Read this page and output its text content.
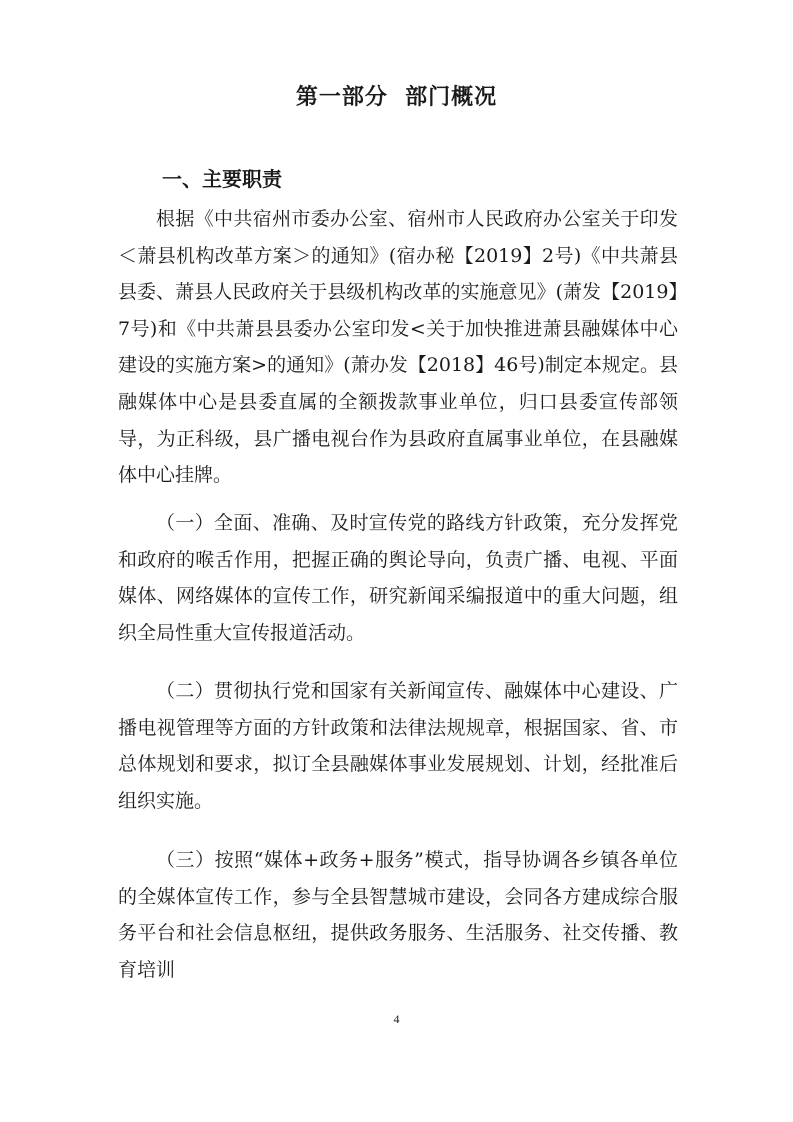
第一部分  部门概况
一、主要职责

根据《中共宿州市委办公室、宿州市人民政府办公室关于印发＜萧县机构改革方案＞的通知》(宿办秘【2019】2号)《中共萧县县委、萧县人民政府关于县级机构改革的实施意见》(萧发【2019】7号)和《中共萧县县委办公室印发<关于加快推进萧县融媒体中心建设的实施方案>的通知》(萧办发【2018】46号)制定本规定。县融媒体中心是县委直属的全额拨款事业单位，归口县委宣传部领导，为正科级，县广播电视台作为县政府直属事业单位，在县融媒体中心挂牌。

（一）全面、准确、及时宣传党的路线方针政策，充分发挥党和政府的喉舌作用，把握正确的舆论导向，负责广播、电视、平面媒体、网络媒体的宣传工作，研究新闻采编报道中的重大问题，组织全局性重大宣传报道活动。

（二）贯彻执行党和国家有关新闻宣传、融媒体中心建设、广播电视管理等方面的方针政策和法律法规规章，根据国家、省、市总体规划和要求，拟订全县融媒体事业发展规划、计划，经批准后组织实施。

（三）按照“媒体+政务+服务”模式，指导协调各乡镇各单位的全媒体宣传工作，参与全县智慧城市建设，会同各方建成综合服务平台和社会信息枢纽，提供政务服务、生活服务、社交传播、教育培训

4
